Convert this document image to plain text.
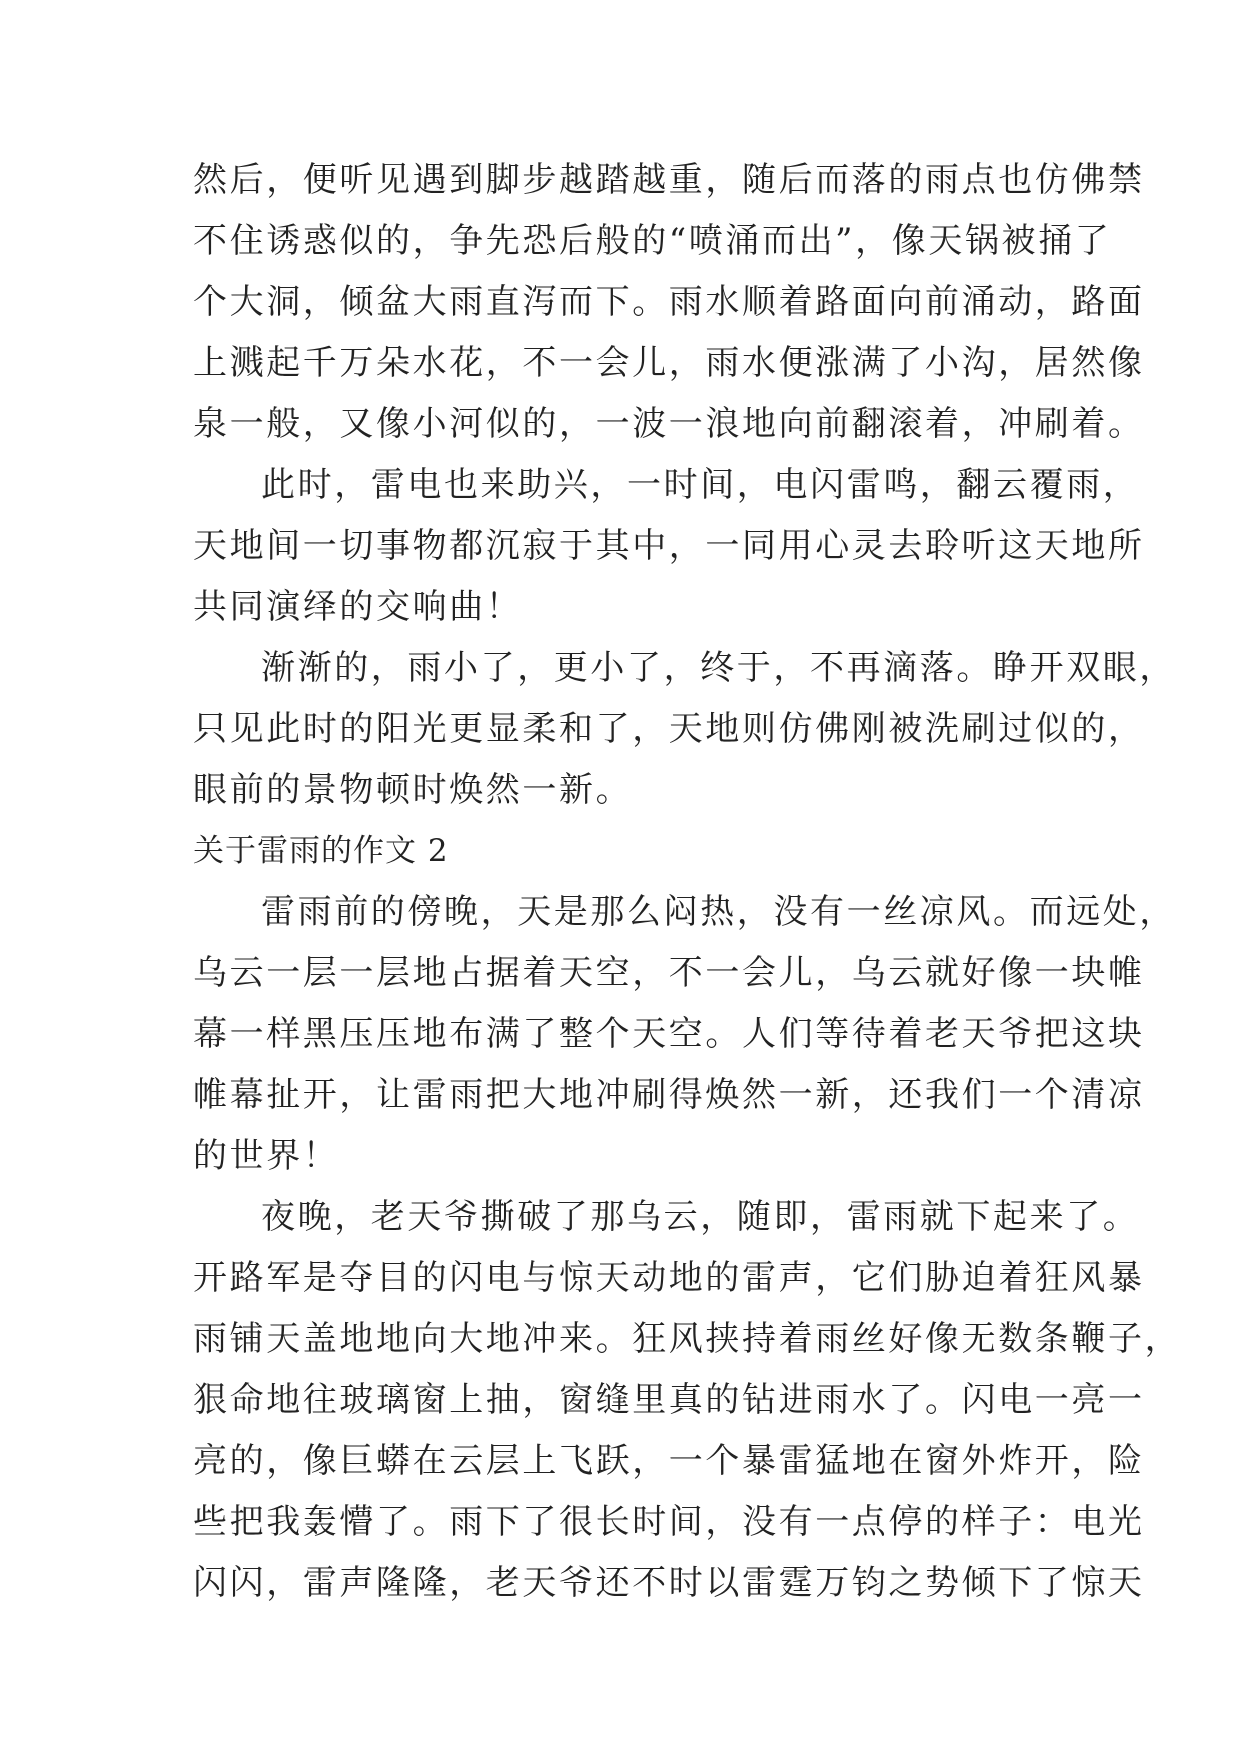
然后，便听见遇到脚步越踏越重，随后而落的雨点也仿佛禁
不住诱惑似的，争先恐后般的“喷涌而出”，像天锅被捅了
个大洞，倾盆大雨直泻而下。雨水顺着路面向前涌动，路面
上溅起千万朵水花，不一会儿，雨水便涨满了小沟，居然像
泉一般，又像小河似的，一波一浪地向前翻滚着，冲刷着。
此时，雷电也来助兴，一时间，电闪雷鸣，翻云覆雨，
天地间一切事物都沉寂于其中，一同用心灵去聆听这天地所
共同演绎的交响曲！
渐渐的，雨小了，更小了，终于，不再滴落。睁开双眼，
只见此时的阳光更显柔和了，天地则仿佛刚被洗刷过似的，
眼前的景物顿时焕然一新。
关于雷雨的作文 2
雷雨前的傍晚，天是那么闷热，没有一丝凉风。而远处，
乌云一层一层地占据着天空，不一会儿，乌云就好像一块帷
幕一样黑压压地布满了整个天空。人们等待着老天爷把这块
帷幕扯开，让雷雨把大地冲刷得焕然一新，还我们一个清凉
的世界！
夜晚，老天爷撕破了那乌云，随即，雷雨就下起来了。
开路军是夺目的闪电与惊天动地的雷声，它们胁迫着狂风暴
雨铺天盖地地向大地冲来。狂风挟持着雨丝好像无数条鞭子，
狠命地往玻璃窗上抽，窗缝里真的钻进雨水了。闪电一亮一
亮的，像巨蟒在云层上飞跃，一个暴雷猛地在窗外炸开，险
些把我轰懵了。雨下了很长时间，没有一点停的样子：电光
闪闪，雷声隆隆，老天爷还不时以雷霆万钧之势倾下了惊天
